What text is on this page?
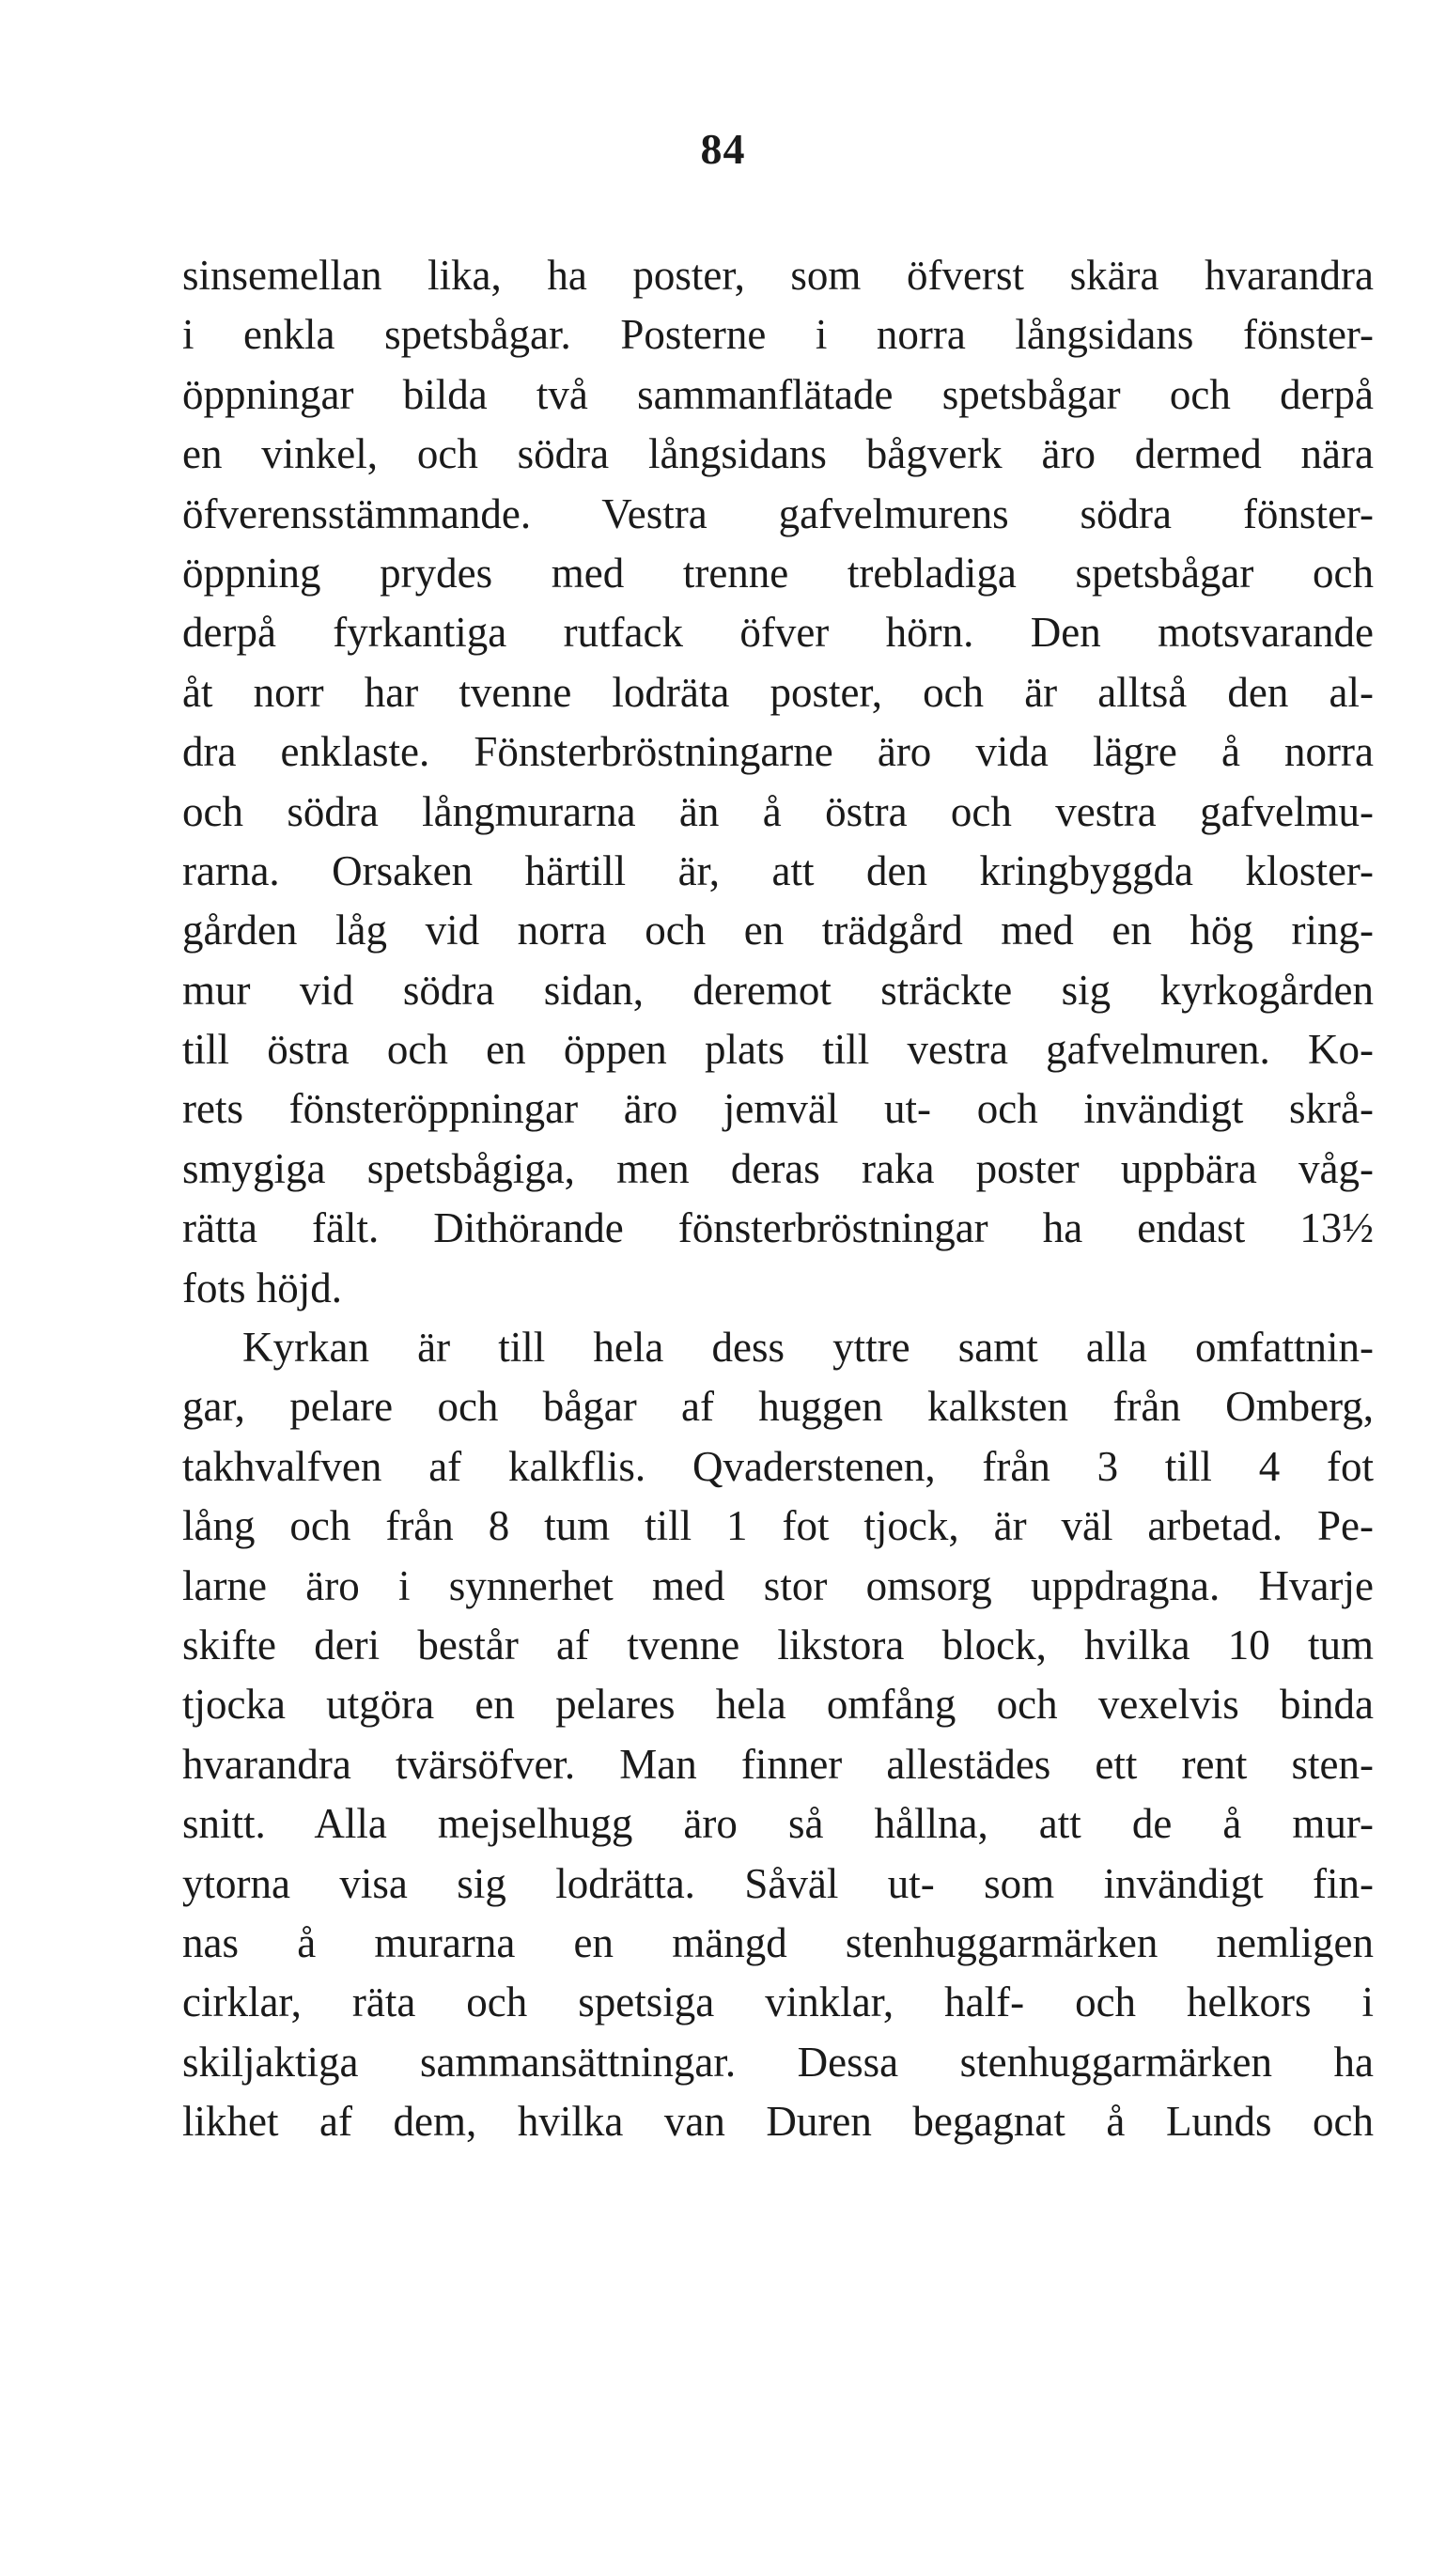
84
sinsemellan lika, ha poster, som öfverst skära hvarandra
i enkla spetsbågar. Posterne i norra långsidans fönster-
öppningar bilda två sammanflätade spetsbågar och derpå
en vinkel, och södra långsidans bågverk äro dermed nära
öfverensstämmande. Vestra gafvelmurens södra fönster-
öppning prydes med trenne trebladiga spetsbågar och
derpå fyrkantiga rutfack öfver hörn. Den motsvarande
åt norr har tvenne lodräta poster, och är alltså den al-
dra enklaste. Fönsterbröstningarne äro vida lägre å norra
och södra långmurarna än å östra och vestra gafvelmu-
rarna. Orsaken härtill är, att den kringbyggda kloster-
gården låg vid norra och en trädgård med en hög ring-
mur vid södra sidan, deremot sträckte sig kyrkogården
till östra och en öppen plats till vestra gafvelmuren. Ko-
rets fönsteröppningar äro jemväl ut- och invändigt skrå-
smygiga spetsbågiga, men deras raka poster uppbära våg-
rätta fält. Dithörande fönsterbröstningar ha endast 13½
fots höjd.
Kyrkan är till hela dess yttre samt alla omfattnin-
gar, pelare och bågar af huggen kalksten från Omberg,
takhvalfven af kalkflis. Qvaderstenen, från 3 till 4 fot
lång och från 8 tum till 1 fot tjock, är väl arbetad. Pe-
larne äro i synnerhet med stor omsorg uppdragna. Hvarje
skifte deri består af tvenne likstora block, hvilka 10 tum
tjocka utgöra en pelares hela omfång och vexelvis binda
hvarandra tvärsöfver. Man finner allestädes ett rent sten-
snitt. Alla mejselhugg äro så hållna, att de å mur-
ytorna visa sig lodrätta. Såväl ut- som invändigt fin-
nas å murarna en mängd stenhuggarmärken nemligen
cirklar, räta och spetsiga vinklar, half- och helkors i
skiljaktiga sammansättningar. Dessa stenhuggarmärken ha
likhet af dem, hvilka van Duren begagnat å Lunds och
